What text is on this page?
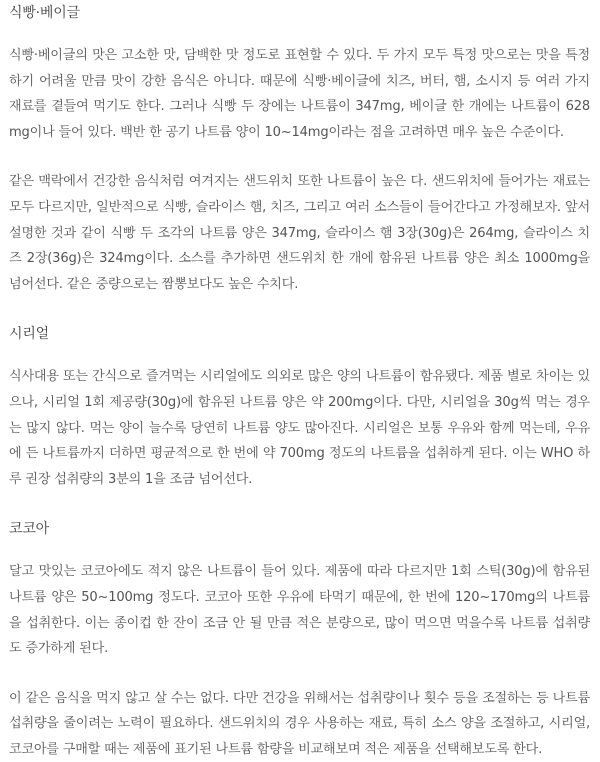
식빵·베이글

식빵·베이글의 맛은 고소한 맛, 담백한 맛 정도로 표현할 수 있다. 두 가지 모두 특정 맛으로는 맛을 특정하기 어려울 만큼 맛이 강한 음식은 아니다. 때문에 식빵·베이글에 치즈, 버터, 햄, 소시지 등 여러 가지 재료를 곁들여 먹기도 한다. 그러나 식빵 두 장에는 나트륨이 347mg, 베이글 한 개에는 나트륨이 628mg이나 들어 있다. 백반 한 공기 나트륨 양이 10~14mg이라는 점을 고려하면 매우 높은 수준이다.

같은 맥락에서 건강한 음식처럼 여겨지는 샌드위치 또한 나트륨이 높은 다. 샌드위치에 들어가는 재료는 모두 다르지만, 일반적으로 식빵, 슬라이스 햄, 치즈, 그리고 여러 소스들이 들어간다고 가정해보자. 앞서 설명한 것과 같이 식빵 두 조각의 나트륨 양은 347mg, 슬라이스 햄 3장(30g)은 264mg, 슬라이스 치즈 2장(36g)은 324mg이다. 소스를 추가하면 샌드위치 한 개에 함유된 나트륨 양은 최소 1000mg을 넘어선다. 같은 중량으로는 짬뽕보다도 높은 수치다.

시리얼

식사대용 또는 간식으로 즐겨먹는 시리얼에도 의외로 많은 양의 나트륨이 함유됐다. 제품 별로 차이는 있으나, 시리얼 1회 제공량(30g)에 함유된 나트륨 양은 약 200mg이다. 다만, 시리얼을 30g씩 먹는 경우는 많지 않다. 먹는 양이 늘수록 당연히 나트륨 양도 많아진다. 시리얼은 보통 우유와 함께 먹는데, 우유에 든 나트륨까지 더하면 평균적으로 한 번에 약 700mg 정도의 나트륨을 섭취하게 된다. 이는 WHO 하루 권장 섭취량의 3분의 1을 조금 넘어선다.

코코아

달고 맛있는 코코아에도 적지 않은 나트륨이 들어 있다. 제품에 따라 다르지만 1회 스틱(30g)에 함유된 나트륨 양은 50~100mg 정도다. 코코아 또한 우유에 타먹기 때문에, 한 번에 120~170mg의 나트륨을 섭취한다. 이는 종이컵 한 잔이 조금 안 될 만큼 적은 분량으로, 많이 먹으면 먹을수록 나트륨 섭취량도 증가하게 된다.

이 같은 음식을 먹지 않고 살 수는 없다. 다만 건강을 위해서는 섭취량이나 횟수 등을 조절하는 등 나트륨 섭취량을 줄이려는 노력이 필요하다. 샌드위치의 경우 사용하는 재료, 특히 소스 양을 조절하고, 시리얼, 코코아를 구매할 때는 제품에 표기된 나트륨 함량을 비교해보며 적은 제품을 선택해보도록 한다.
